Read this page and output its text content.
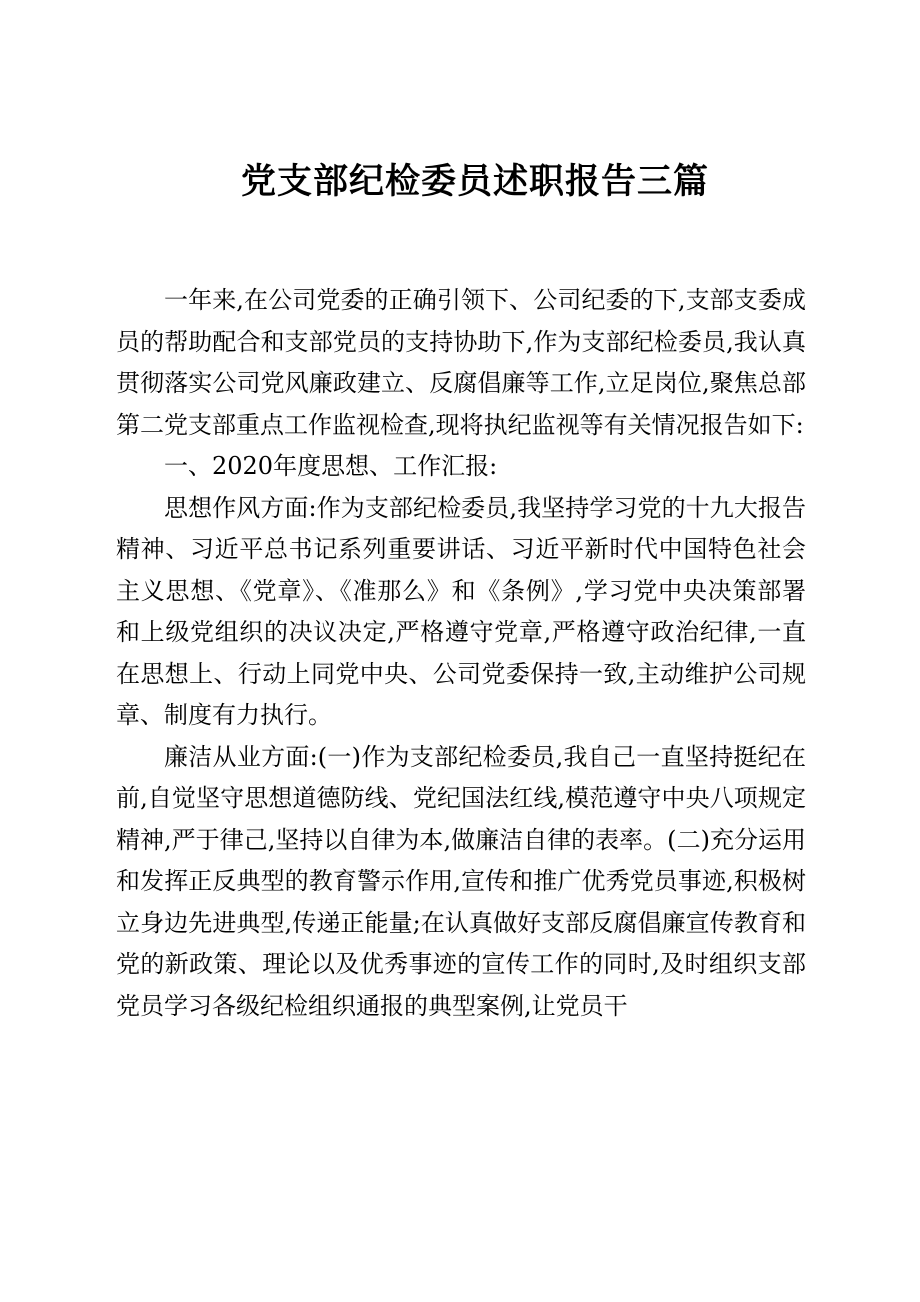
党支部纪检委员述职报告三篇

一年来,在公司党委的正确引领下、公司纪委的下,支部支委成员的帮助配合和支部党员的支持协助下,作为支部纪检委员,我认真贯彻落实公司党风廉政建立、反腐倡廉等工作,立足岗位,聚焦总部第二党支部重点工作监视检查,现将执纪监视等有关情况报告如下:

一、2020年度思想、工作汇报:

思想作风方面:作为支部纪检委员,我坚持学习党的十九大报告精神、习近平总书记系列重要讲话、习近平新时代中国特色社会主义思想、《党章》、《准那么》和《条例》,学习党中央决策部署和上级党组织的决议决定,严格遵守党章,严格遵守政治纪律,一直在思想上、行动上同党中央、公司党委保持一致,主动维护公司规章、制度有力执行。

廉洁从业方面:(一)作为支部纪检委员,我自己一直坚持挺纪在前,自觉坚守思想道德防线、党纪国法红线,模范遵守中央八项规定精神,严于律己,坚持以自律为本,做廉洁自律的表率。(二)充分运用和发挥正反典型的教育警示作用,宣传和推广优秀党员事迹,积极树立身边先进典型,传递正能量;在认真做好支部反腐倡廉宣传教育和党的新政策、理论以及优秀事迹的宣传工作的同时,及时组织支部党员学习各级纪检组织通报的典型案例,让党员干
